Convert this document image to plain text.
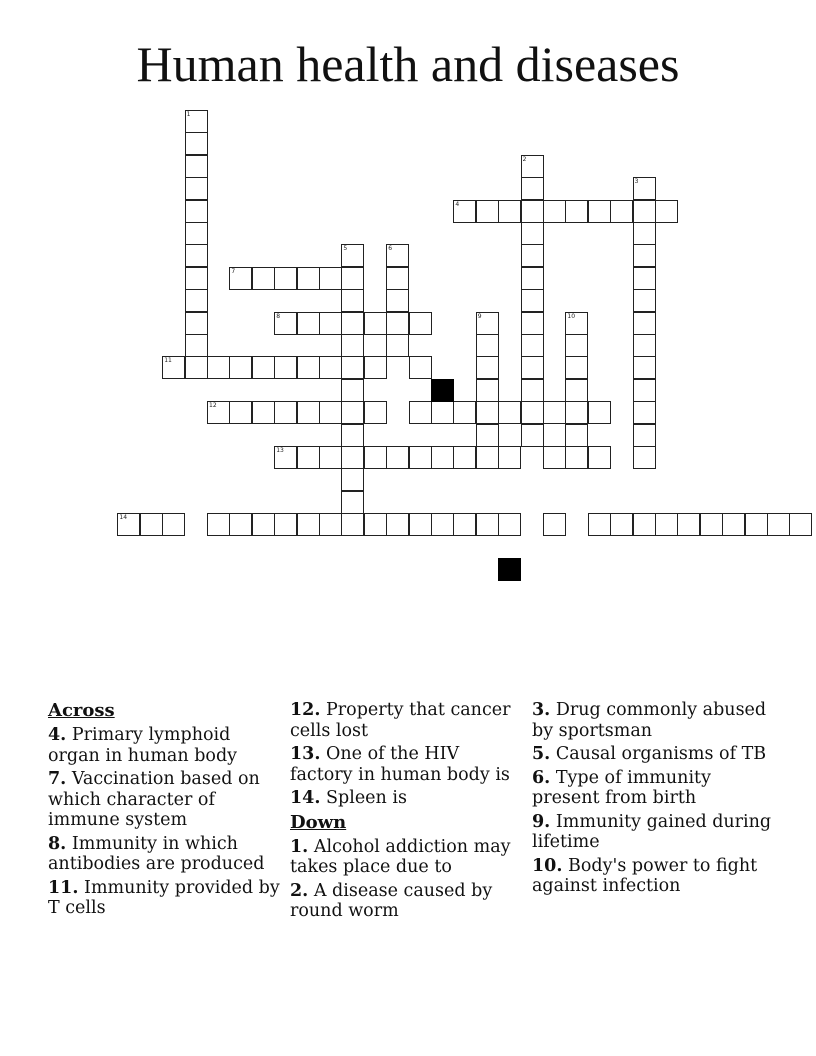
Human health and diseases
1
2
3
4
5	6
7
8	9	10
11
12
13
14
Across
4. Primary lymphoid organ in human body
7. Vaccination based on which character of immune system
8. Immunity in which antibodies are produced
11. Immunity provided by T cells
12. Property that cancer cells lost
13. One of the HIV factory in human body is
14. Spleen is
Down
1. Alcohol addiction may takes place due to
2. A disease caused by round worm
3. Drug commonly abused by sportsman
5. Causal organisms of TB
6. Type of immunity present from birth
9. Immunity gained during lifetime
10. Body's power to fight against infection
